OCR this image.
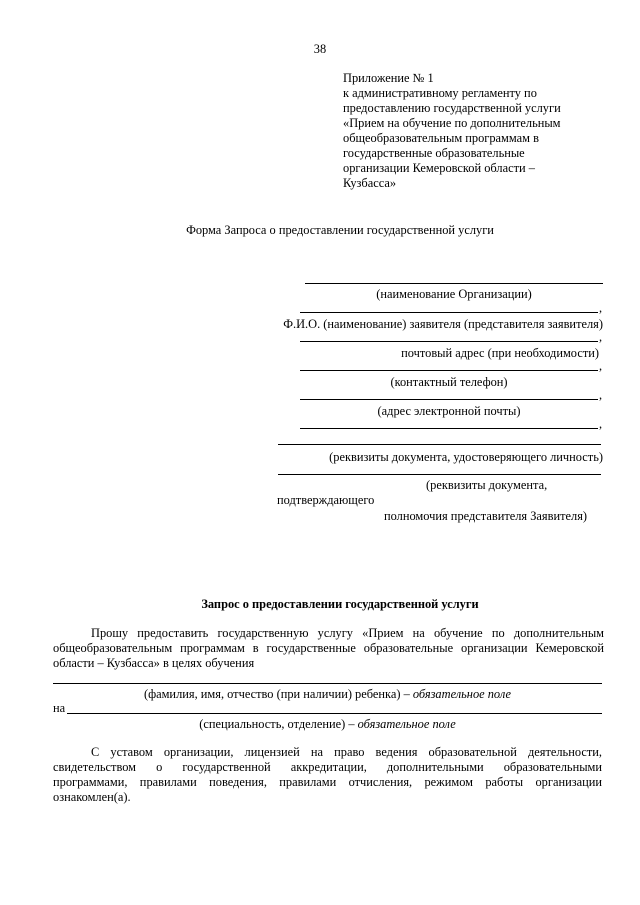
38
Приложение № 1
к административному регламенту по
предоставлению государственной услуги
«Прием на обучение по дополнительным
общеобразовательным программам в
государственные образовательные
организации Кемеровской области –
Кузбасса»
Форма Запроса о предоставлении государственной услуги
(наименование Организации)
,
Ф.И.О. (наименование) заявителя (представителя заявителя)
,
почтовый адрес (при необходимости)
,
(контактный телефон)
,
(адрес электронной почты)
,
(реквизиты документа, удостоверяющего личность)
(реквизиты документа,
подтверждающего
полномочия представителя Заявителя)
Запрос о предоставлении государственной услуги
Прошу предоставить государственную услугу «Прием на обучение по дополнительным
общеобразовательным программам в государственные образовательные организации Кемеровской
области – Кузбасса» в целях обучения
(фамилия, имя, отчество (при наличии) ребенка) – обязательное поле
на
(специальность, отделение) – обязательное поле
С уставом организации, лицензией на право ведения образовательной деятельности,
свидетельством о государственной аккредитации, дополнительными образовательными
программами, правилами поведения, правилами отчисления, режимом работы организации
ознакомлен(а).
